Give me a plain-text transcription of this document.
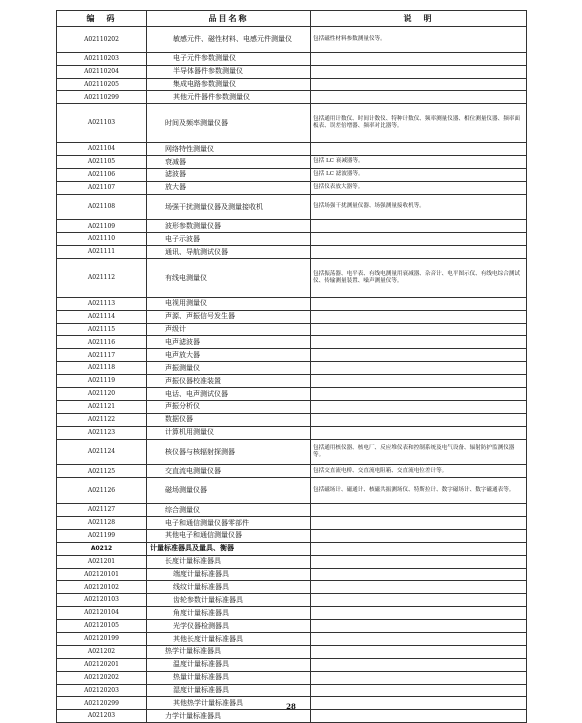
编　码	品目名称	说　明
A02110202	敏感元件、磁性材料、电感元件测量仪	包括磁性材料参数测量仪等。
A02110203	电子元件参数测量仪	
A02110204	半导体器件参数测量仪	
A02110205	集成电路参数测量仪	
A02110299	其他元件器件参数测量仪	
A021103	时间及频率测量仪器	包括通用计数仪、时间计数仪、特种计数仪、频率测量仪器、相位测量仪器、频率面板表、误差倍增器、频率对比器等。
A021104	网络特性测量仪	
A021105	衰减器	包括 LC 衰减器等。
A021106	滤波器	包括 LC 滤波器等。
A021107	放大器	包括仪表放大器等。
A021108	场强干扰测量仪器及测量接收机	包括场强干扰测量仪器、场强测量接收机等。
A021109	波形参数测量仪器	
A021110	电子示波器	
A021111	通讯、导航测试仪器	
A021112	有线电测量仪	包括振荡器、电平表、有线电测量用衰减器、杂音计、电平图示仪、有线电综合测试仪、传输测量装置、噪声测量仪等。
A021113	电视用测量仪	
A021114	声源、声振信号发生器	
A021115	声级计	
A021116	电声滤波器	
A021117	电声放大器	
A021118	声振测量仪	
A021119	声振仪器校准装置	
A021120	电话、电声测试仪器	
A021121	声振分析仪	
A021122	数据仪器	
A021123	计算机用测量仪	
A021124	核仪器与核辐射探测器	包括通用核仪器、核电厂、反应堆仪表和控制系统及电气设备、辐射防护监测仪器等。
A021125	交直流电测量仪器	包括交直流电桥、交直流电阻箱、交直流电位差计等。
A021126	磁场测量仪器	包括磁场计、磁通计、核磁共振测场仪、特斯拉计、数字磁场计、数字磁通表等。
A021127	综合测量仪	
A021128	电子和通信测量仪器零部件	
A021199	其他电子和通信测量仪器	
A0212	计量标准器具及量具、衡器	
A021201	长度计量标准器具	
A02120101	端度计量标准器具	
A02120102	线纹计量标准器具	
A02120103	齿轮参数计量标准器具	
A02120104	角度计量标准器具	
A02120105	光学仪器检测器具	
A02120199	其他长度计量标准器具	
A021202	热学计量标准器具	
A02120201	温度计量标准器具	
A02120202	热量计量标准器具	
A02120203	湿度计量标准器具	
A02120299	其他热学计量标准器具	
A021203	力学计量标准器具	
28
